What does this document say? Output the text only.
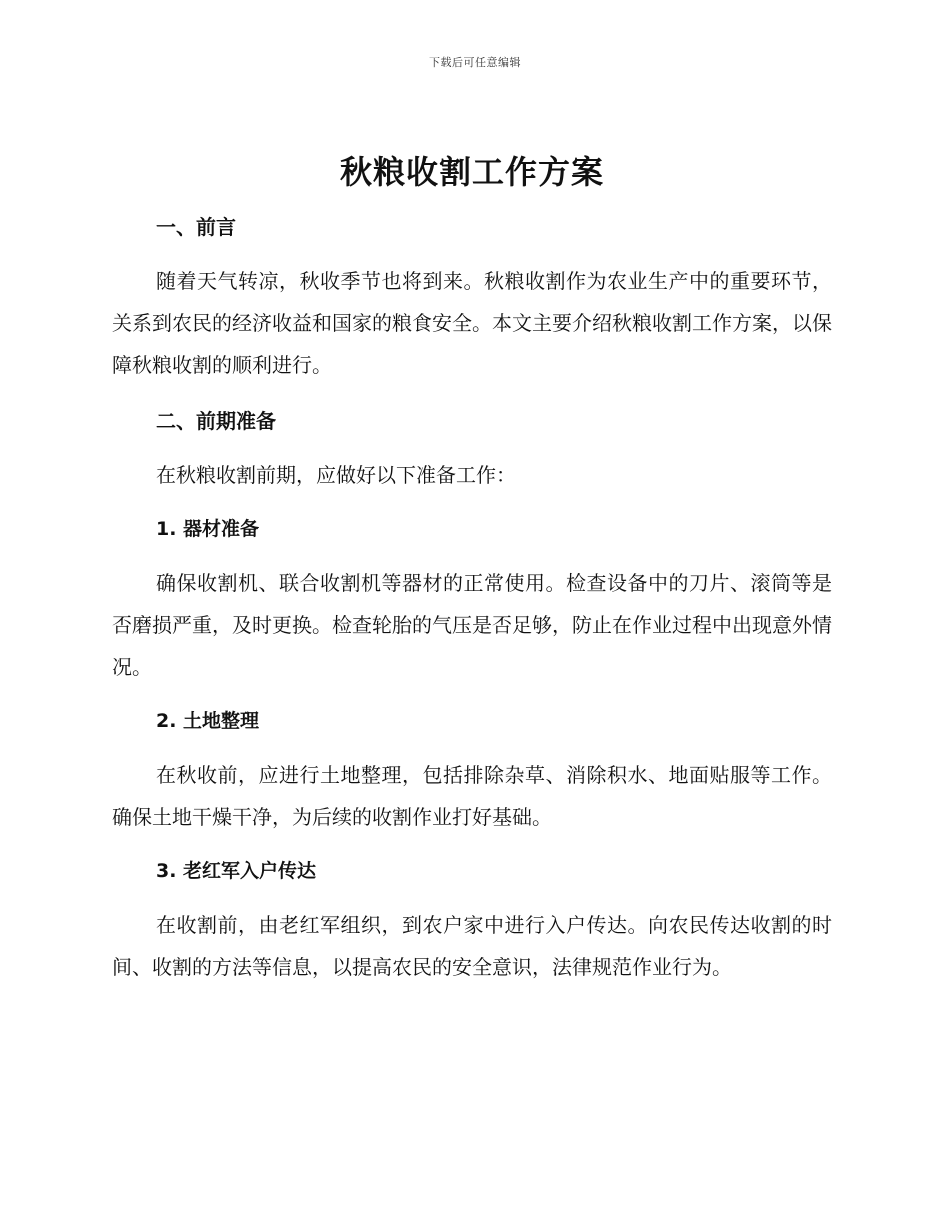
下载后可任意编辑
秋粮收割工作方案
一、前言

随着天气转凉，秋收季节也将到来。秋粮收割作为农业生产中的重要环节，关系到农民的经济收益和国家的粮食安全。本文主要介绍秋粮收割工作方案，以保障秋粮收割的顺利进行。

二、前期准备

在秋粮收割前期，应做好以下准备工作：

1. 器材准备

确保收割机、联合收割机等器材的正常使用。检查设备中的刀片、滚筒等是否磨损严重，及时更换。检查轮胎的气压是否足够，防止在作业过程中出现意外情况。

2. 土地整理

在秋收前，应进行土地整理，包括排除杂草、消除积水、地面贴服等工作。确保土地干燥干净，为后续的收割作业打好基础。

3. 老红军入户传达

在收割前，由老红军组织，到农户家中进行入户传达。向农民传达收割的时间、收割的方法等信息，以提高农民的安全意识，法律规范作业行为。
